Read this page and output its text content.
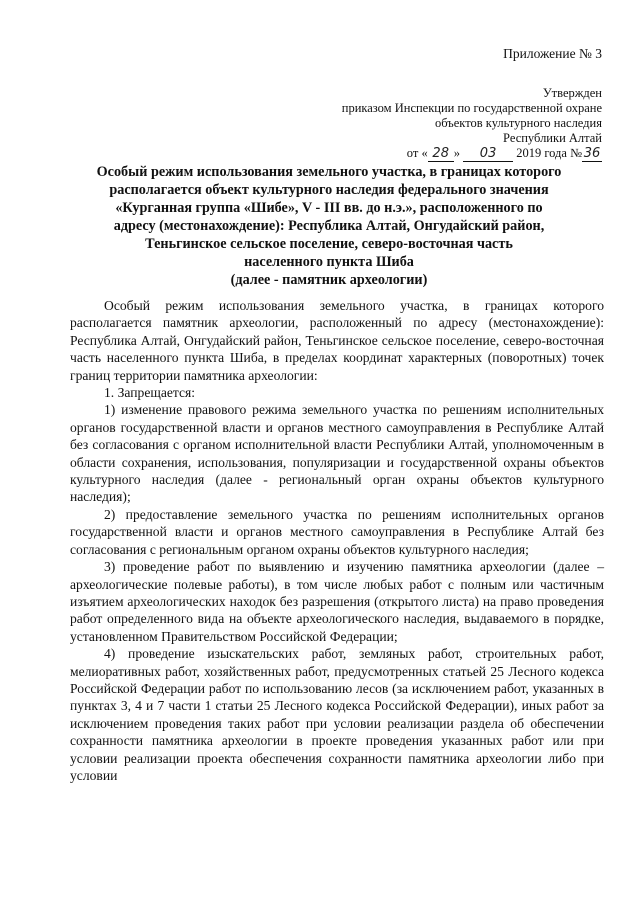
Приложение № 3
Утвержден
приказом Инспекции по государственной охране
объектов культурного наследия
Республики Алтай
от « 28 » 03 2019 года № 36
Особый режим использования земельного участка, в границах которого
располагается объект культурного наследия федерального значения
«Курганная группа «Шибе», V - III вв. до н.э.», расположенного по
адресу (местонахождение): Республика Алтай, Онгудайский район,
Теньгинское сельское поселение, северо-восточная часть
населенного пункта Шиба
(далее - памятник археологии)

Особый режим использования земельного участка, в границах которого располагается памятник археологии, расположенный по адресу (местонахождение): Республика Алтай, Онгудайский район, Теньгинское сельское поселение, северо-восточная часть населенного пункта Шиба, в пределах координат характерных (поворотных) точек границ территории памятника археологии:

1. Запрещается:

1) изменение правового режима земельного участка по решениям исполнительных органов государственной власти и органов местного самоуправления в Республике Алтай без согласования с органом исполнительной власти Республики Алтай, уполномоченным в области сохранения, использования, популяризации и государственной охраны объектов культурного наследия (далее - региональный орган охраны объектов культурного наследия);

2) предоставление земельного участка по решениям исполнительных органов государственной власти и органов местного самоуправления в Республике Алтай без согласования с региональным органом охраны объектов культурного наследия;

3) проведение работ по выявлению и изучению памятника археологии (далее – археологические полевые работы), в том числе любых работ с полным или частичным изъятием археологических находок без разрешения (открытого листа) на право проведения работ определенного вида на объекте археологического наследия, выдаваемого в порядке, установленном Правительством Российской Федерации;

4) проведение изыскательских работ, земляных работ, строительных работ, мелиоративных работ, хозяйственных работ, предусмотренных статьей 25 Лесного кодекса Российской Федерации работ по использованию лесов (за исключением работ, указанных в пунктах 3, 4 и 7 части 1 статьи 25 Лесного кодекса Российской Федерации), иных работ за исключением проведения таких работ при условии реализации раздела об обеспечении сохранности памятника археологии в проекте проведения указанных работ или при условии реализации проекта обеспечения сохранности памятника археологии либо при условии
